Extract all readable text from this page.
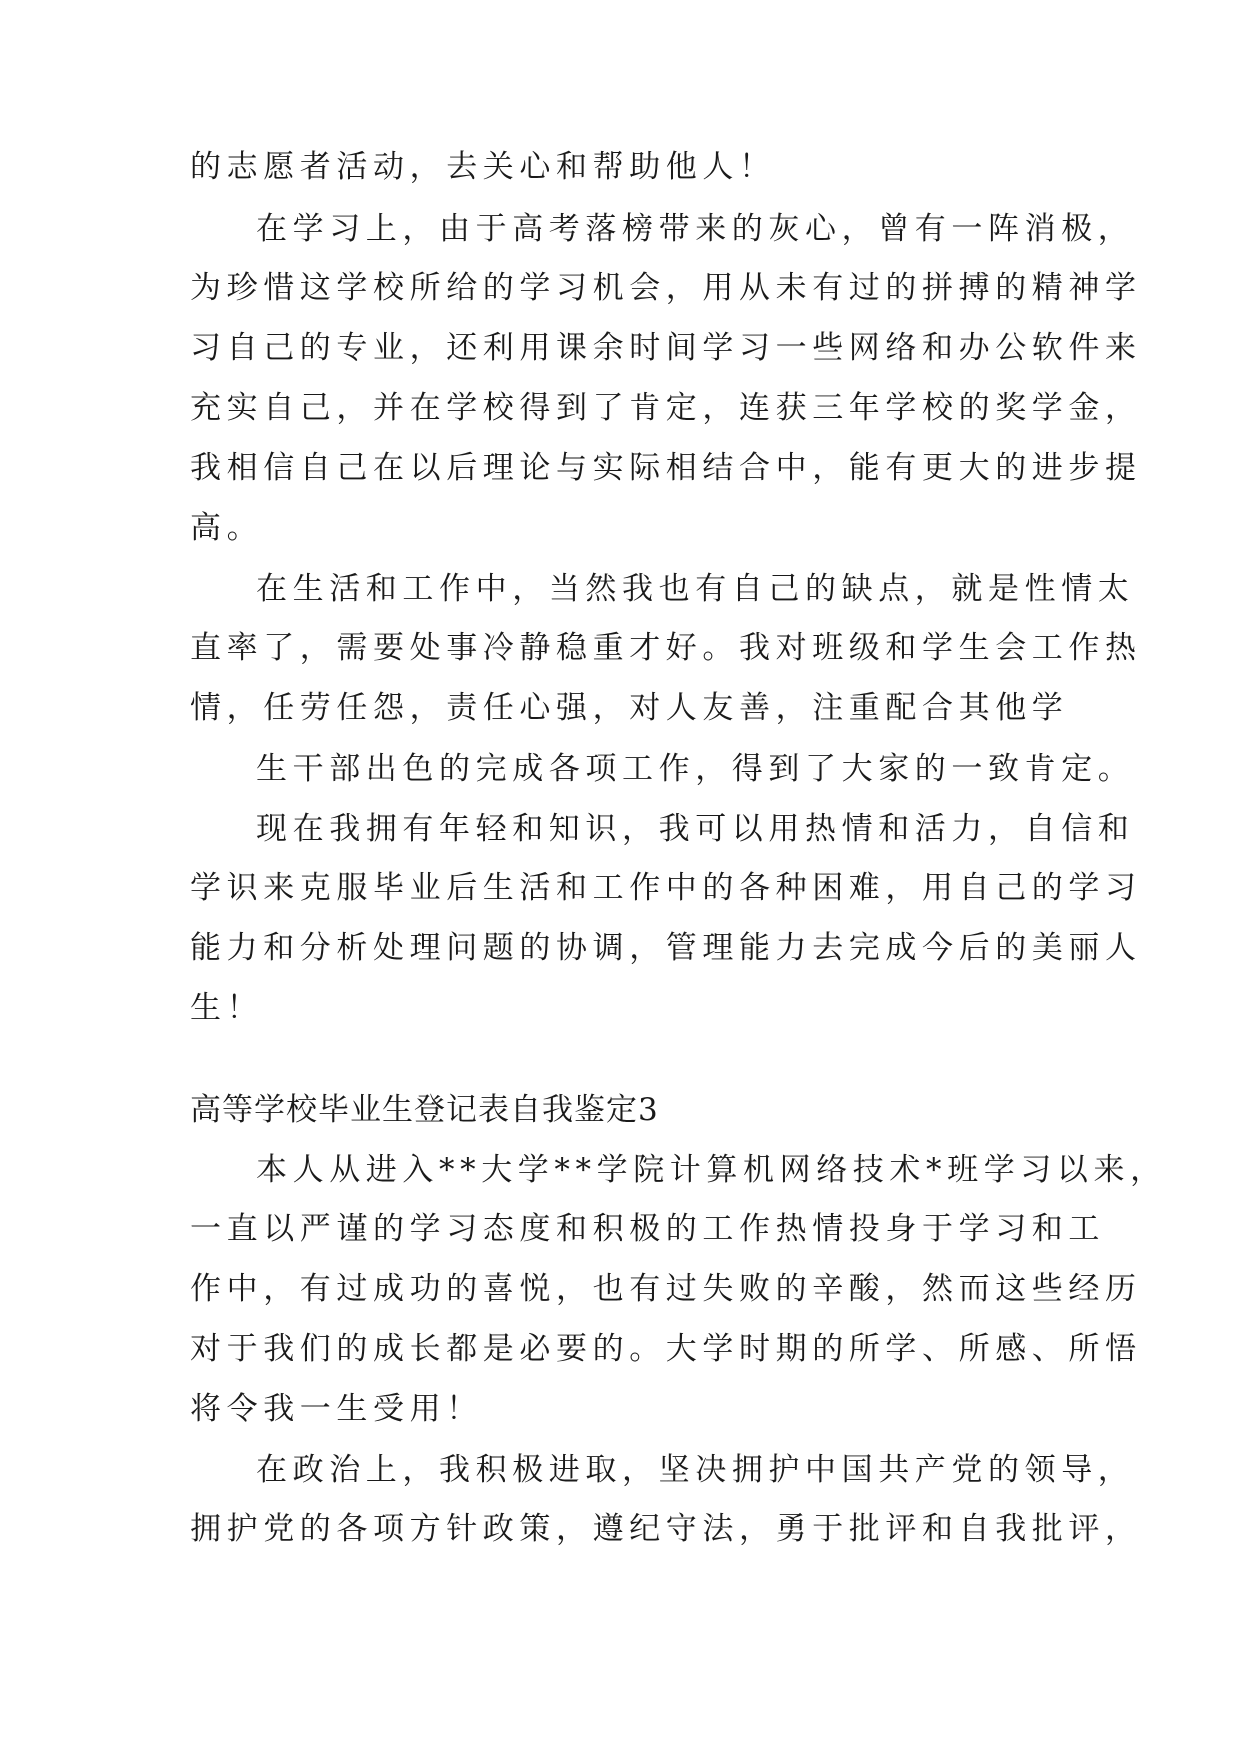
的志愿者活动，去关心和帮助他人！
在学习上，由于高考落榜带来的灰心，曾有一阵消极，
为珍惜这学校所给的学习机会，用从未有过的拼搏的精神学
习自己的专业，还利用课余时间学习一些网络和办公软件来
充实自己，并在学校得到了肯定，连获三年学校的奖学金，
我相信自己在以后理论与实际相结合中，能有更大的进步提
高。
在生活和工作中，当然我也有自己的缺点，就是性情太
直率了，需要处事冷静稳重才好。我对班级和学生会工作热
情，任劳任怨，责任心强，对人友善，注重配合其他学
生干部出色的完成各项工作，得到了大家的一致肯定。
现在我拥有年轻和知识，我可以用热情和活力，自信和
学识来克服毕业后生活和工作中的各种困难，用自己的学习
能力和分析处理问题的协调，管理能力去完成今后的美丽人
生！
高等学校毕业生登记表自我鉴定3
本人从进入**大学**学院计算机网络技术*班学习以来，
一直以严谨的学习态度和积极的工作热情投身于学习和工
作中，有过成功的喜悦，也有过失败的辛酸，然而这些经历
对于我们的成长都是必要的。大学时期的所学、所感、所悟
将令我一生受用！
在政治上，我积极进取，坚决拥护中国共产党的领导，
拥护党的各项方针政策，遵纪守法，勇于批评和自我批评，
